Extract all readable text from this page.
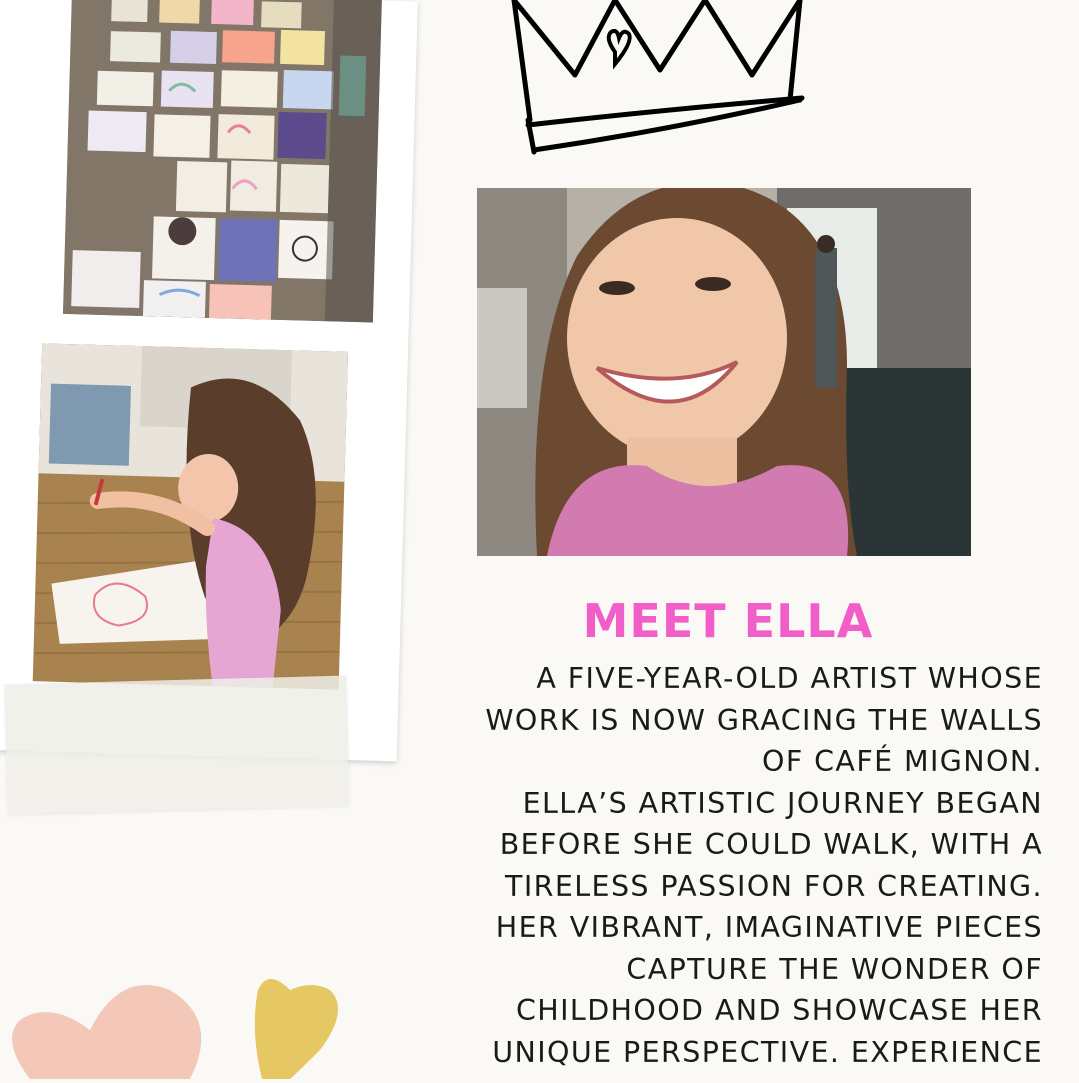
MEET ELLA
A FIVE-YEAR-OLD ARTIST WHOSE
WORK IS NOW GRACING THE WALLS
OF CAFÉ MIGNON.
ELLA’S ARTISTIC JOURNEY BEGAN
BEFORE SHE COULD WALK, WITH A
TIRELESS PASSION FOR CREATING.
HER VIBRANT, IMAGINATIVE PIECES
CAPTURE THE WONDER OF
CHILDHOOD AND SHOWCASE HER
UNIQUE PERSPECTIVE. EXPERIENCE
